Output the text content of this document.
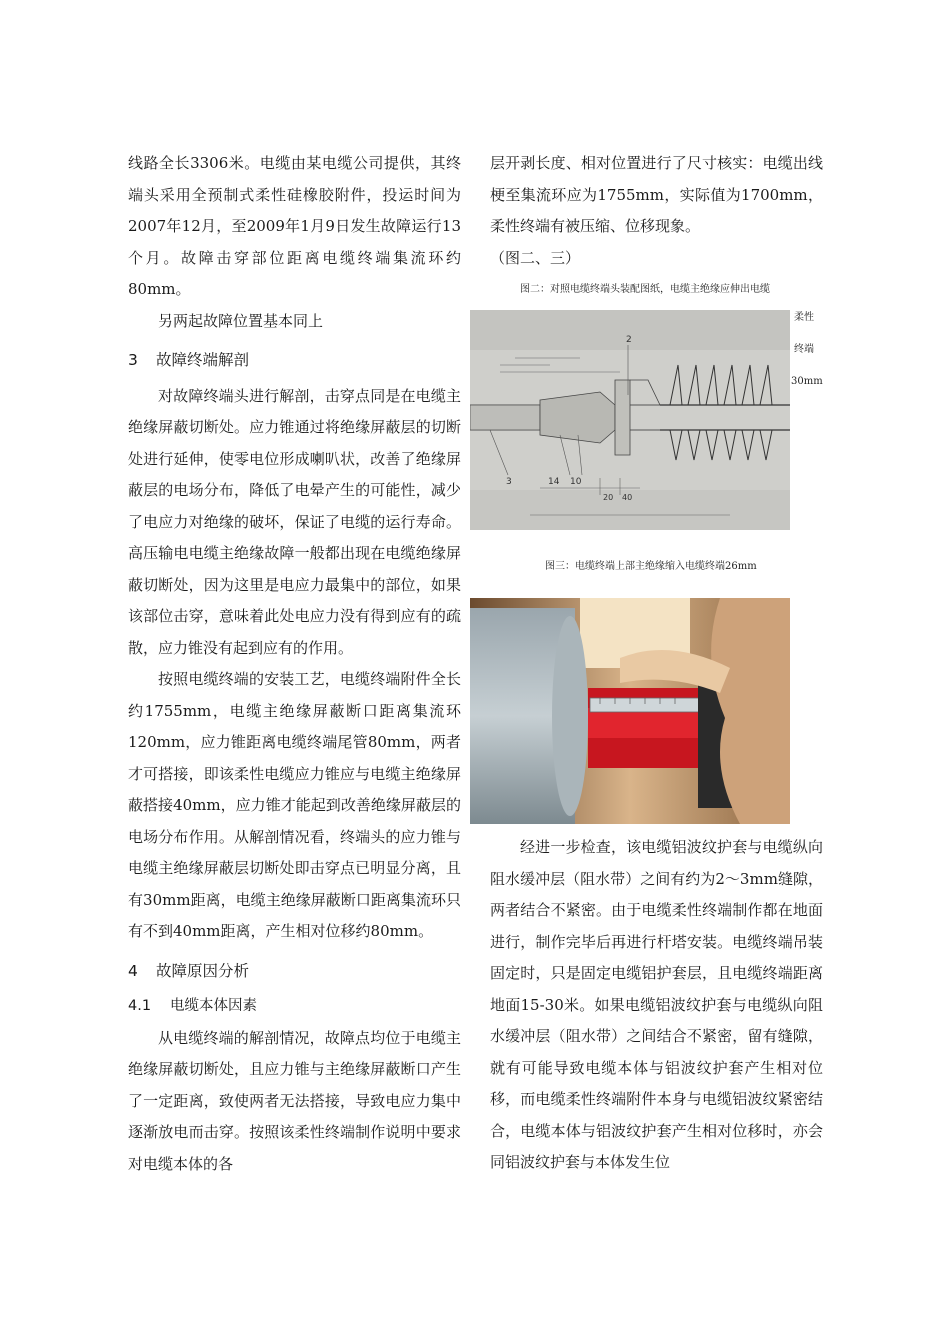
线路全长3306米。电缆由某电缆公司提供，其终端头采用全预制式柔性硅橡胶附件，投运时间为2007年12月，至2009年1月9日发生故障运行13个月。故障击穿部位距离电缆终端集流环约80mm。

另两起故障位置基本同上

3 故障终端解剖

对故障终端头进行解剖，击穿点同是在电缆主绝缘屏蔽切断处。应力锥通过将绝缘屏蔽层的切断处进行延伸，使零电位形成喇叭状，改善了绝缘屏蔽层的电场分布，降低了电晕产生的可能性，减少了电应力对绝缘的破坏，保证了电缆的运行寿命。高压输电电缆主绝缘故障一般都出现在电缆绝缘屏蔽切断处，因为这里是电应力最集中的部位，如果该部位击穿，意味着此处电应力没有得到应有的疏散，应力锥没有起到应有的作用。

按照电缆终端的安装工艺，电缆终端附件全长约1755mm，电缆主绝缘屏蔽断口距离集流环120mm，应力锥距离电缆终端尾管80mm，两者才可搭接，即该柔性电缆应力锥应与电缆主绝缘屏蔽搭接40mm，应力锥才能起到改善绝缘屏蔽层的电场分布作用。从解剖情况看，终端头的应力锥与电缆主绝缘屏蔽层切断处即击穿点已明显分离，且有30mm距离，电缆主绝缘屏蔽断口距离集流环只有不到40mm距离，产生相对位移约80mm。

4 故障原因分析
4.1 电缆本体因素

从电缆终端的解剖情况，故障点均位于电缆主绝缘屏蔽切断处，且应力锥与主绝缘屏蔽断口产生了一定距离，致使两者无法搭接，导致电应力集中逐渐放电而击穿。按照该柔性终端制作说明中要求对电缆本体的各

层开剥长度、相对位置进行了尺寸核实：电缆出线梗至集流环应为1755mm，实际值为1700mm，柔性终端有被压缩、位移现象。

（图二、三）

图二：对照电缆终端头装配图纸，电缆主绝缘应伸出电缆
柔性
终端
30mm
2
3	14 10
20 40
图三：电缆终端上部主绝缘缩入电缆终端26mm

经进一步检查，该电缆铝波纹护套与电缆纵向阻水缓冲层（阻水带）之间有约为2～3mm缝隙，两者结合不紧密。由于电缆柔性终端制作都在地面进行，制作完毕后再进行杆塔安装。电缆终端吊装固定时，只是固定电缆铝护套层，且电缆终端距离地面15-30米。如果电缆铝波纹护套与电缆纵向阻水缓冲层（阻水带）之间结合不紧密，留有缝隙，就有可能导致电缆本体与铝波纹护套产生相对位移，而电缆柔性终端附件本身与电缆铝波纹紧密结合，电缆本体与铝波纹护套产生相对位移时，亦会同铝波纹护套与本体发生位
